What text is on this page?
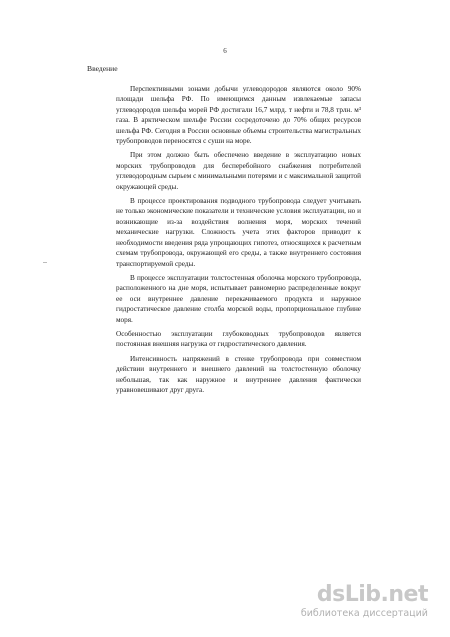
6
Введение

Перспективными зонами добычи углеводородов являются около 90% площади шельфа РФ. По имеющимся данным извлекаемые запасы углеводородов шельфа морей РФ достигали 16,7 млрд. т нефти и 78,8 трлн. м³ газа. В арктическом шельфе России сосредоточено до 70% общих ресурсов шельфа РФ. Сегодня в России основные объемы строительства магистральных трубопроводов переносятся с суши на море.

При этом должно быть обеспечено введение в эксплуатацию новых морских трубопроводов для бесперебойного снабжения потребителей углеводородным сырьем с минимальными потерями и с максимальной защитой окружающей среды.

В процессе проектирования подводного трубопровода следует учитывать не только экономические показатели и технические условия эксплуатации, но и возникающие из-за воздействия волнения моря, морских течений механические нагрузки. Сложность учета этих факторов приводит к необходимости введения ряда упрощающих гипотез, относящихся к расчетным схемам трубопровода, окружающей его среды, а также внутреннего состояния транспортируемой среды.

В процессе эксплуатации толстостенная оболочка морского трубопровода, расположенного на дне моря, испытывает равномерно распределенные вокруг ее оси внутреннее давление перекачиваемого продукта и наружное гидростатическое давление столба морской воды, пропорциональное глубине моря.

Особенностью эксплуатации глубоководных трубопроводов является постоянная внешняя нагрузка от гидростатического давления.

Интенсивность напряжений в стенке трубопровода при совместном действии внутреннего и внешнего давлений на толстостенную оболочку небольшая, так как наружное и внутреннее давления фактически уравновешивают друг друга.

dsLib.net
библиотека диссертаций
